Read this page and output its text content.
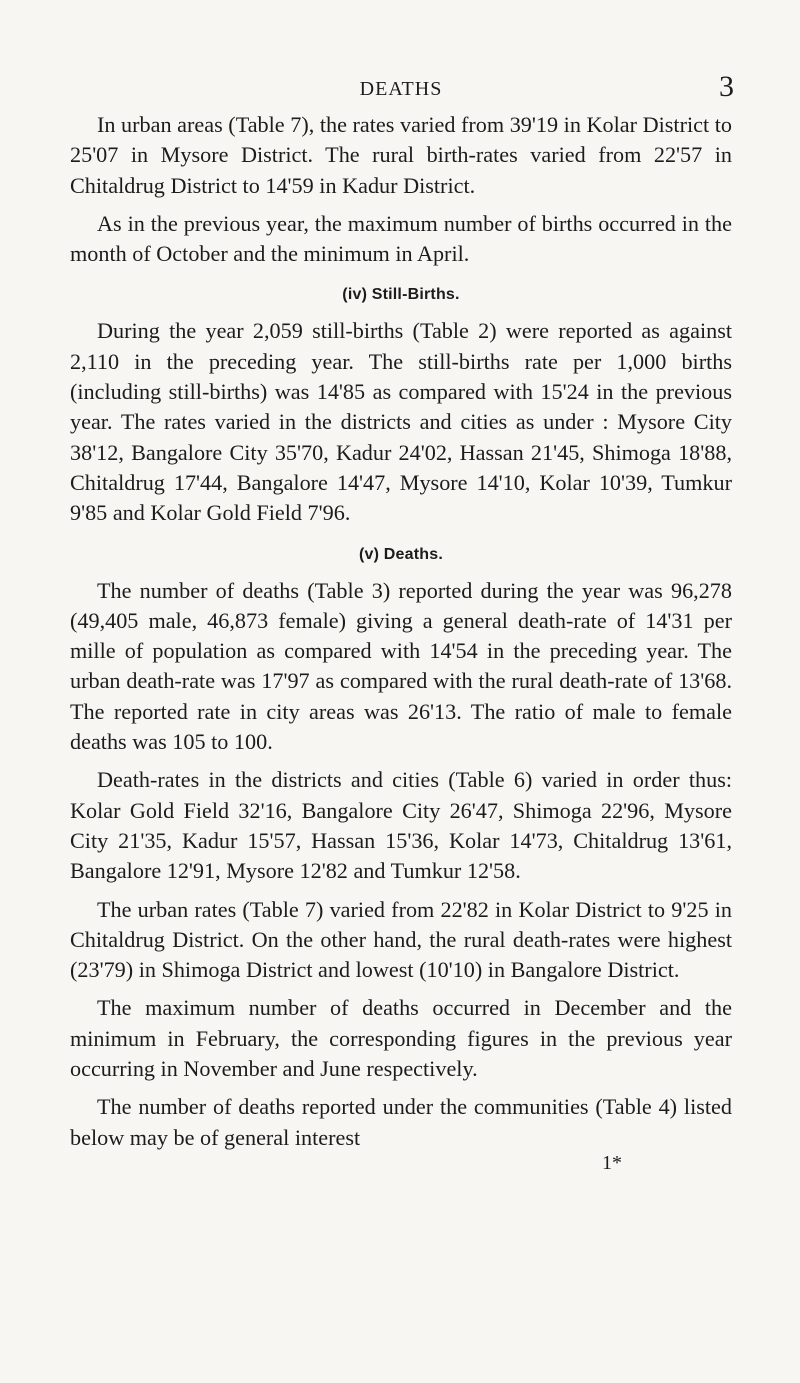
DEATHS	3

In urban areas (Table 7), the rates varied from 39'19 in Kolar District to 25'07 in Mysore District. The rural birth-rates varied from 22'57 in Chitaldrug District to 14'59 in Kadur District.

As in the previous year, the maximum number of births occurred in the month of October and the minimum in April.

(iv) Still-Births.

During the year 2,059 still-births (Table 2) were reported as against 2,110 in the preceding year. The still-births rate per 1,000 births (including still-births) was 14'85 as compared with 15'24 in the previous year. The rates varied in the districts and cities as under : Mysore City 38'12, Bangalore City 35'70, Kadur 24'02, Hassan 21'45, Shimoga 18'88, Chitaldrug 17'44, Bangalore 14'47, Mysore 14'10, Kolar 10'39, Tumkur 9'85 and Kolar Gold Field 7'96.

(v) Deaths.

The number of deaths (Table 3) reported during the year was 96,278 (49,405 male, 46,873 female) giving a general death-rate of 14'31 per mille of population as compared with 14'54 in the preceding year. The urban death-rate was 17'97 as compared with the rural death-rate of 13'68. The reported rate in city areas was 26'13. The ratio of male to female deaths was 105 to 100.

Death-rates in the districts and cities (Table 6) varied in order thus: Kolar Gold Field 32'16, Bangalore City 26'47, Shimoga 22'96, Mysore City 21'35, Kadur 15'57, Hassan 15'36, Kolar 14'73, Chitaldrug 13'61, Bangalore 12'91, Mysore 12'82 and Tumkur 12'58.

The urban rates (Table 7) varied from 22'82 in Kolar District to 9'25 in Chitaldrug District. On the other hand, the rural death-rates were highest (23'79) in Shimoga District and lowest (10'10) in Bangalore District.

The maximum number of deaths occurred in December and the minimum in February, the corresponding figures in the previous year occurring in November and June respectively.

The number of deaths reported under the communities (Table 4) listed below may be of general interest

1*
